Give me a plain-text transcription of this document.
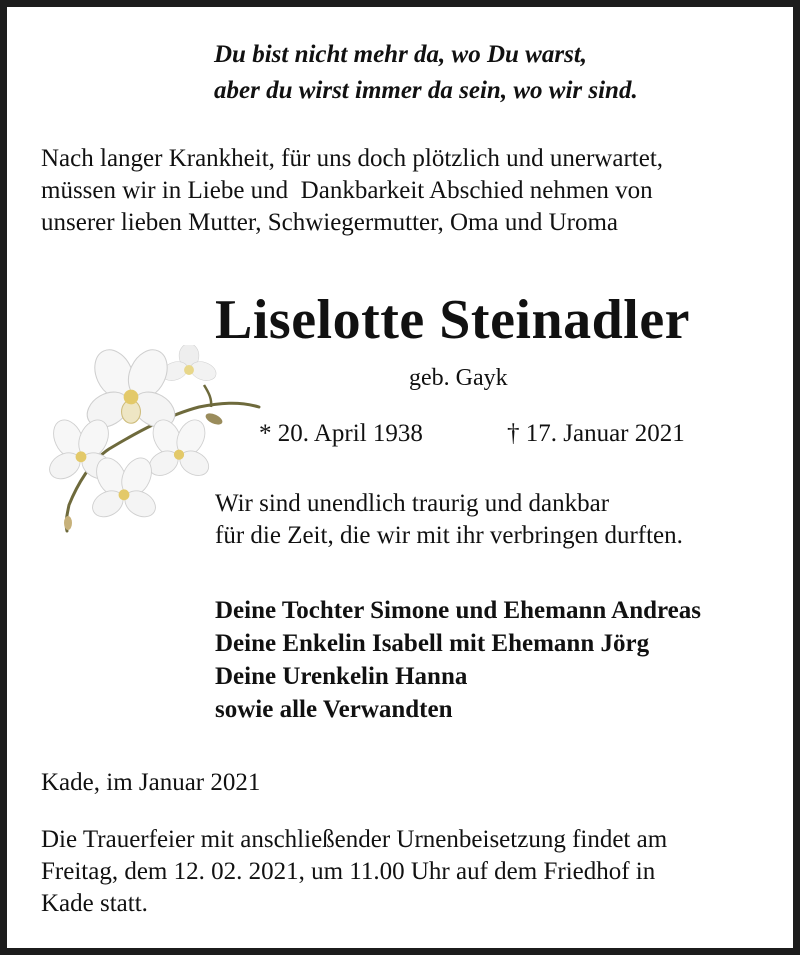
Du bist nicht mehr da, wo Du warst,
aber du wirst immer da sein, wo wir sind.
Nach langer Krankheit, für uns doch plötzlich und unerwartet,
müssen wir in Liebe und  Dankbarkeit Abschied nehmen von
unserer lieben Mutter, Schwiegermutter, Oma und Uroma
Liselotte Steinadler
geb. Gayk
* 20. April 1938	† 17. Januar 2021
Wir sind unendlich traurig und dankbar
für die Zeit, die wir mit ihr verbringen durften.
Deine Tochter Simone und Ehemann Andreas
Deine Enkelin Isabell mit Ehemann Jörg
Deine Urenkelin Hanna
sowie alle Verwandten
Kade, im Januar 2021
Die Trauerfeier mit anschließender Urnenbeisetzung findet am
Freitag, dem 12. 02. 2021, um 11.00 Uhr auf dem Friedhof in
Kade statt.
